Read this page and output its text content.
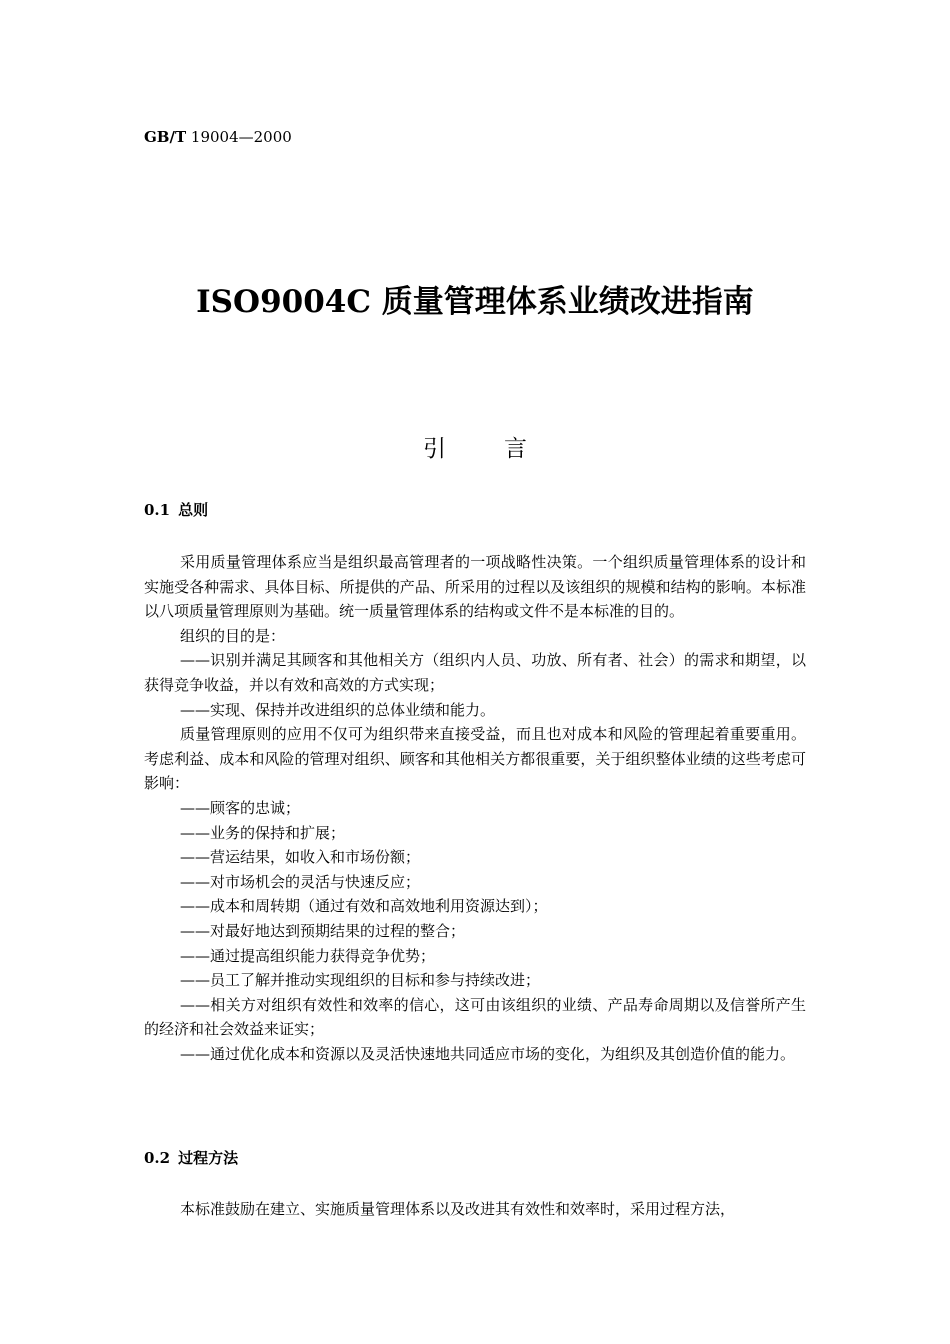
GB/T 19004—2000
ISO9004C 质量管理体系业绩改进指南
引	言
0.1 总则

采用质量管理体系应当是组织最高管理者的一项战略性决策。一个组织质量管理体系的设计和实施受各种需求、具体目标、所提供的产品、所采用的过程以及该组织的规模和结构的影响。本标准以八项质量管理原则为基础。统一质量管理体系的结构或文件不是本标准的目的。

组织的目的是：

——识别并满足其顾客和其他相关方（组织内人员、功放、所有者、社会）的需求和期望，以获得竞争收益，并以有效和高效的方式实现；

——实现、保持并改进组织的总体业绩和能力。

质量管理原则的应用不仅可为组织带来直接受益，而且也对成本和风险的管理起着重要重用。考虑利益、成本和风险的管理对组织、顾客和其他相关方都很重要，关于组织整体业绩的这些考虑可影响：

——顾客的忠诚；

——业务的保持和扩展；

——营运结果，如收入和市场份额；

——对市场机会的灵活与快速反应；

——成本和周转期（通过有效和高效地利用资源达到）；

——对最好地达到预期结果的过程的整合；

——通过提高组织能力获得竞争优势；

——员工了解并推动实现组织的目标和参与持续改进；

——相关方对组织有效性和效率的信心，这可由该组织的业绩、产品寿命周期以及信誉所产生的经济和社会效益来证实；

——通过优化成本和资源以及灵活快速地共同适应市场的变化，为组织及其创造价值的能力。

0.2 过程方法

本标准鼓励在建立、实施质量管理体系以及改进其有效性和效率时，采用过程方法，
